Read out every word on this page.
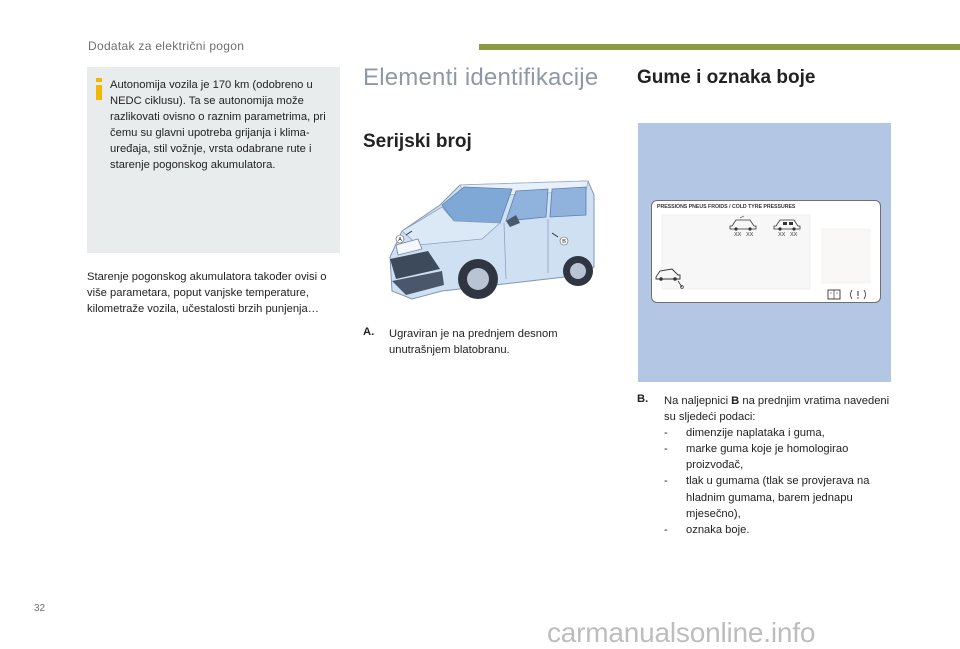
Dodatak za električni pogon
Autonomija vozila je 170 km (odobreno u NEDC ciklusu). Ta se autonomija može razlikovati ovisno o raznim parametrima, pri čemu su glavni upotreba grijanja i klima-uređaja, stil vožnje, vrsta odabrane rute i starenje pogonskog akumulatora.
Starenje pogonskog akumulatora također ovisi o više parametara, poput vanjske temperature, kilometraže vozila, učestalosti brzih punjenja…
Elementi identifikacije
Serijski broj
A	B
A. Ugraviran je na prednjem desnom unutrašnjem blatobranu.
Gume i oznaka boje
PRESSIONS PNEUS FROIDS / COLD TYRE PRESSURES
XX XX	XX XX
B. Na naljepnici B na prednjim vratima navedeni su sljedeći podaci:
- dimenzije naplataka i guma,
- marke guma koje je homologirao proizvođač,
- tlak u gumama (tlak se provjerava na hladnim gumama, barem jednapu mjesečno),
- oznaka boje.
32
carmanualsonline.info
